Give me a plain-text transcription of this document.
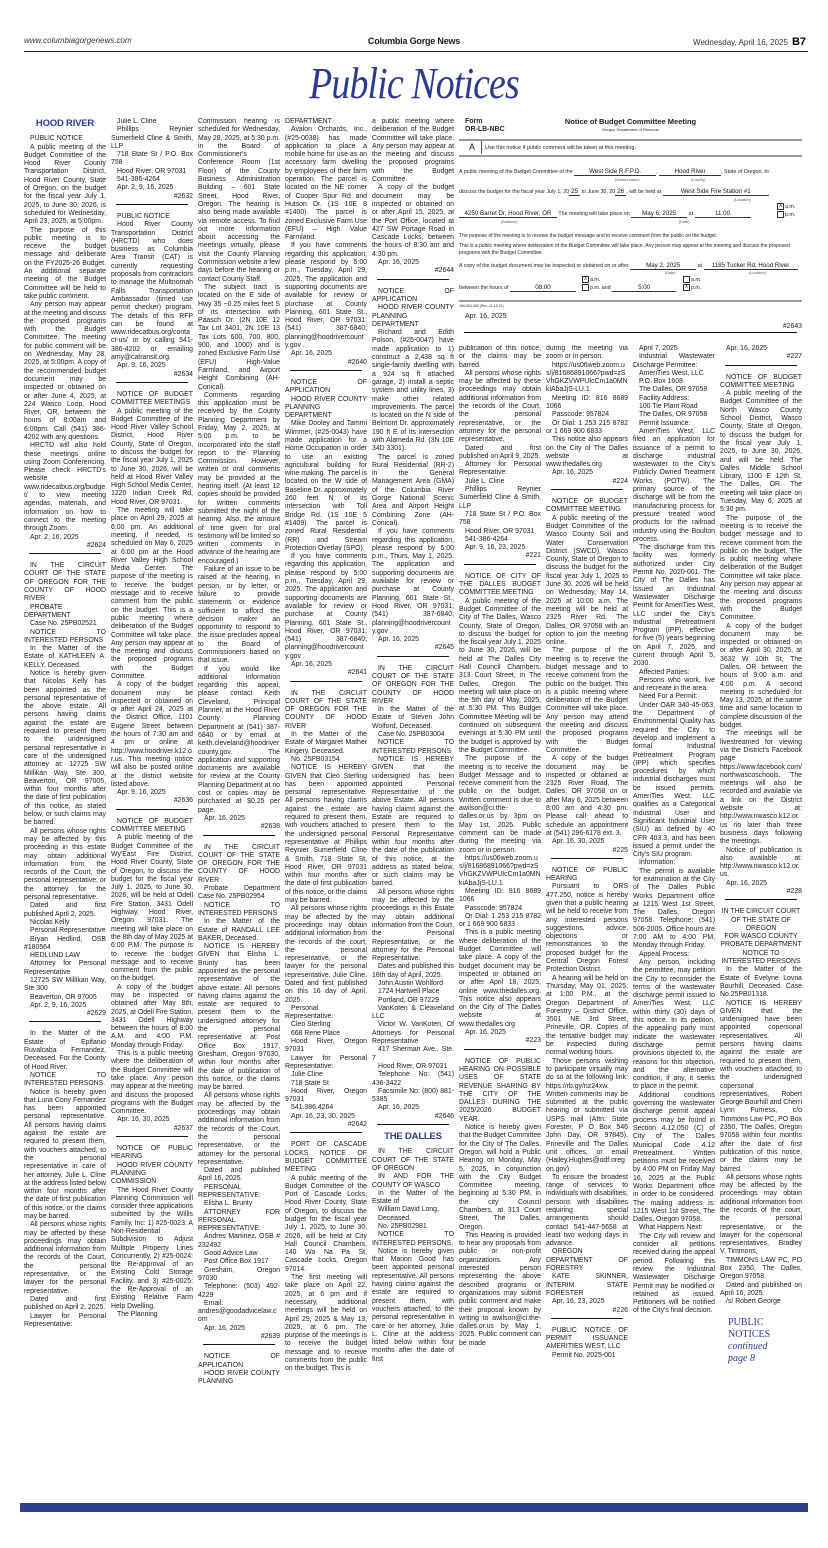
www.columbiagorgenews.com	Columbia Gorge News	Wednesday, April 16, 2025 B7
Public Notices
Form
OR-LB-NBC
Notice of Budget Committee Meeting
Oregon Department of Revenue
A Use this notice if public comment will be taken at this meeting.
A public meeting of the Budget Committee of the	West Side R.F.P.D.	,	Hood River	, State of Oregon, to
(District name)	(County)
discuss the budget for the fiscal year July 1, 20 25 to June 30, 20 26 , will be held at	West Side Fire Station #1
(Location)
4250 Barret Dr, Hood River, OR The meeting will take place on May 6, 2025 at	11:00
X a.m.
p.m.
(Address)	(Date)
The purpose of the meeting is to receive the budget message and to receive comment from the public on the budget.
This is a public meeting where deliberation of the Budget Committee will take place. Any person may appear at the meeting and discuss the proposed programs with the Budget Committee.
A copy of the budget document may be inspected or obtained on or after	May 2, 2025	at 1185 Tucker Rd, Hood River ,
(Date)	(Location)
between the hours of	08:00
X a.m.
p.m. and	5:00
a.m.
X p.m.
150-504-063 (Rev. 11-19-21)
Apr. 16, 2025
#2643
HOOD RIVER
PUBLIC NOTICE
A public meeting of the Budget Committee of the Hood River County Transportation District, Hood River County, State of Oregon, on the budget for the fiscal year July 1, 2025, to June 30, 2026, is scheduled for Wednesday, April 23, 2025, at 5:00pm.
The purpose of this public meeting is to receive the budget message and deliberate on the FY2025-26 Budget. An additional separate meeting of the Budget Committee will be held to take public comment.
Any person may appear at the meeting and discuss the proposed programs with the Budget Committee. The meeting for public comment will be on Wednesday, May 28, 2025, at 5:00pm. A copy of the recommended budget document may be inspected or obtained on or after June 4, 2025, at 224 Wasco Loop, Hood River, OR, between the hours of 8:00am and 6:00pm. Call (541) 386-4202 with any questions.
HRCTD will also hold these meetings online using Zoom Conferencing. Please check HRCTD's website www.ridecatbus.org/budget/ to view meeting agendas, materials, and information on how to connect to the meeting through Zoom.
Apr. 2, 16, 2025
#2624
IN THE CIRCUIT COURT OF THE STATE OF OREGON FOR THE COUNTY OF HOOD RIVER
PROBATE DEPARTMENT
Case No. 25PB02521
NOTICE TO INTERESTED PERSONS
In the Matter of the Estate of KATHLEEN A. KELLY, Deceased.
Notice is hereby given that Nicolas Kelly has been appointed as the personal representative of the above estate. All persons having claims against the estate are required to present them to the undersigned personal representative in care of the undersigned attorney at: 12725 SW Millikan Way, Ste 300, Beaverton, OR 97005, within four months after the date of first publication of this notice, as stated below, or such claims may be barred.
All persons whose rights may be affected by this proceeding in this estate may obtain additional information from the records of the Court, the personal representative, or the attorney for the personal representative.
Dated and first published April 2, 2025.
Nicolas Kelly
Personal Representative
Bryan Hedlind, OSB #180564
HEDLUND LAW
Attorney for Personal Representative
12725 SW Millikan Way, Ste 300
Beaverton, OR 97005
Apr. 2, 9, 16, 2025
#2629
In the Matter of the Estate of Epifanio Ruvalcaba Fernandez, Deceased. For the County of Hood River.
NOTICE TO INTERESTED PERSONS.
Notice is hereby given that Luna Cony Fernandez has been appointed personal representative. All persons having claims against the estate are required to present them, with vouchers attached, to the personal representative in care of her attorney, Julie L. Cline at the address listed below within four months after the date of first publication of this notice, or the claims may be barred.
All persons whose rights may be affected by these proceedings may obtain additional information from the records of the Court, the personal representative, or the lawyer for the personal representative.
Dated and first published on April 2, 2025.
Lawyer for Personal Representative:
Julie L. Cline
Phillips Reynier Sumerfield Cline & Smith, LLP
718 State St / P.O. Box 758
Hood River, OR 97031
541-386-4264
Apr. 2, 9, 16, 2025
#2632
PUBLIC NOTICE
Hood River County Transportation District (HRCTD) who does business as Columbia Area Transit (CAT) is currently requesting proposals from contractors to manage the Multnomah Falls Transportation Ambassador (timed use permit checker) program. The details of this RFP can be found at www.ridecatbus.org/contact-us/ or by calling 541-386-4202 or emailing amy@catransit.org.
Apr. 9, 16, 2025
#2634
NOTICE OF BUDGET COMMITTEE MEETINGS
A public meeting of the Budget Committee of the Hood River Valley School District, Hood River County, State of Oregon, to discuss the budget for the fiscal year July 1, 2025 to June 30, 2026, will be held at Hood River Valley High School Media Center, 1220 Indian Creek Rd, Hood River, OR 97031.
The meeting will take place on April 29, 2025 at 6:00 pm. An additional meeting, if needed, is scheduled on May 6, 2025 at 6:00 pm at the Hood River Valley High School Media Center. The purpose of the meeting is to receive the budget message and to receive comment from the public on the budget. This is a public meeting where deliberation of the Budget Committee will take place. Any person may appear at the meeting and discuss the proposed programs with the Budget Committee.
A copy of the budget document may be inspected or obtained on or after April 24, 2025 at the District Office, 1101 Eugene Street between the hours of 7:30 am and 4 pm or online at http://www.hoodriver.k12.or.us. This meeting notice will also be posted online at the district website listed above.
Apr. 9, 16, 2025
#2636
NOTICE OF BUDGET COMMITTEE MEETING
A public meeting of the Budget Committee of the Wy'East Fire District, Hood River County, State of Oregon, to discuss the budget for the fiscal year July 1, 2025, to June 30, 2026, will be held at Odell Fire Station, 3431 Odell Highway, Hood River, Oregon 97031. The meeting will take place on the 8th day of May 2025 at 6:00 P.M. The purpose is to receive the budget message and to receive comment from the public on the budget.
A copy of the budget may be inspected or obtained after May 8th, 2025, at Odell Fire Station, 3431 Odell Highway between the hours of 8:00 A.M. and 4:00 P.M. Monday through Friday.
This is a public meeting where the deliberation of the Budget Committee will take place. Any person may appear at the meeting and discuss the proposed programs with the Budget Committee.
Apr. 16, 30, 2025
#2637
NOTICE OF PUBLIC HEARING
HOOD RIVER COUNTY PLANNING COMMISSION
The Hood River County Planning Commission will consider three applications submitted by the Willis Family, Inc: 1) #25-0023: A Non-Residential Subdivision to Adjust Multiple Property Lines Concurrently, 2) #25-0024: the Re-approval of an Existing Cold Storage Facility, and 3) #25-0025: the Re-Approval of an Existing Relative Farm Help Dwelling.
The Planning
Commission hearing is scheduled for Wednesday, May 28, 2025, at 5:30 p.m. in the Board of Commissioner's Conference Room (1st Floor) of the County Business Administration Building – 601 State Street, Hood River, Oregon. The hearing is also being made available via remote access. To find out more information about accessing the meetings virtually, please visit the County Planning Commission website a few days before the hearing or contact County Staff.
The subject tract is located on the E side of Hwy 35 ~0.25 miles feet S of its intersection with Paasch Dr. (2N 10E 12 Tax Lot 3401, 2N 10E 13 Tax Lots 600, 700, 800, 900, and 1000) and is zoned Exclusive Farm Use (EFU) High-Value Farmland, and Airport Height Combining (AH-Conical).
Comments regarding this application must be received by the County Planning Department by Friday, May 2, 2025, at 5:00 p.m. to be incorporated into the staff report to the Planning Commission. However, written or oral comments may be provided at the hearing itself. (At least 12 copies should be provided for written comments submitted the night of the hearing. Also, the amount of time given for oral testimony will be limited so written comments in advance of the hearing are encouraged.)
Failure of an issue to be raised at the hearing, in person, or by letter, or failure to provide statements or evidence sufficient to afford the decision maker an opportunity to respond to the issue precludes appeal to the Board of Commissioners based on that issue.
If you would like additional information regarding this appeal, please contact Keith Cleveland, Principal Planner, at the Hood River County Planning Department at (541) 387-6840 or by email at keith.cleveland@hoodrivercounty.gov. The application and supporting documents are available for review at the County Planning Department at no cost or copies may be purchased at $0.25 per page.
Apr. 16, 2025
#2638
IN THE CIRCUIT COURT OF THE STATE OF OREGON FOR THE COUNTY OF HOOD RIVER
Probate Department Case No. 25PB02954
NOTICE TO INTERESTED PERSONS
In the Matter of the Estate of RANDALL LEE BAKER, Deceased.
NOTICE IS HEREBY GIVEN that Elisha L. Brunty has been appointed as the personal representative of the above estate. All persons having claims against the estate are required to present them to the undersigned attorney for the personal representative at: Post Office Box 1917, Gresham, Oregon 97030, within four months after the date of publication of this notice, or the claims may be barred.
All persons whose rights may be affected by the proceedings may obtain additional information from the records of the Court, the personal representative, or the attorney for the personal representative.
Dated and published April 16, 2025.
PERSONAL REPRESENTATIVE:
Elisha L. Brunty
ATTORNEY FOR PERSONAL REPRESENTATIVE:
Andres Martinez, OSB # 232492
Good Advice Law
Post Office Box 1917
Gresham, Oregon 97030
Telephone: (503) 492-4229
Email: andres@goodadvicelaw.com
Apr. 16, 2025
#2639
NOTICE OF APPLICATION
HOOD RIVER COUNTY PLANNING
DEPARTMENT
Avalon Orchards, Inc., (#25-0038) has made application to place a mobile home for use as an accessory farm dwelling by employees of their farm operation. The parcel is located on the NE corner of Cooper Spur Rd and Hutson Dr. (1S 10E 8 #1400). The parcel is zoned Exclusive Farm Use (EFU) – High Value Farmland.
If you have comments regarding this application, please respond by 5:00 p.m., Tuesday, April 29, 2025. The application and supporting documents are available for review or purchase at County Planning, 601 State St., Hood River, OR 97031; (541) 387-6840; planning@hoodrivercounty.gov .
Apr. 16, 2025
#2640
NOTICE OF APPLICATION
HOOD RIVER COUNTY PLANNING DEPARTMENT
Mike Dooley and Tammi Wimmer, (#25-0043) have made application for a Home Occupation in order to use an existing agricultural building for wine making. The parcel is located on the W side of Baseline Dr. approximately 260 feet N of its intersection with Toll Bridge Rd. (1S 10E 5 #1409). The parcel is zoned Rural Residential (RR) and Stream Protection Overlay (SPO).
If you have comments regarding this application, please respond by 5:00 p.m., Tuesday, April 29, 2025. The application and supporting documents are available for review or purchase at County Planning, 601 State St., Hood River, OR 97031; (541) 387-6840; planning@hoodrivercounty.gov .
Apr. 16, 2025
#2641
IN THE CIRCUIT COURT OF THE STATE OF OREGON FOR THE COUNTY OF HOOD RIVER
In the Matter of the Estate of Margaret Mather Kingery, Deceased.
No. 25PB03154
NOTICE IS HEREBY GIVEN that Cleo Sterling has been appointed personal representative. All persons having claims against the estate are required to present them, with vouchers attached to the undersigned personal representative at Phillips Reynier Sumerfield Cline & Smith, 718 State St, Hood River, OR 97031 within four months after the date of first publication of this notice, or the claims may be barred.
All persons whose rights may be affected by the proceedings may obtain additional information from the records of the court, the personal representative, or the lawyer for the personal representative, Julie Cline. Dated and first published on this 16 day of April, 2025.
Personal Representative:
Cleo Sterling
668 Rene Place
Hood River, Oregon 97031
Lawyer for Personal Representative:
Julie Cline
718 State St
Hood River, Oregon 97031
541.386.4264
Apr. 16, 23, 30, 2025
#2642
PORT OF CASCADE LOCKS NOTICE OF BUDGET COMMITTEE MEETING
A public meeting of the Budget Committee of the Port of Cascade Locks, Hood River County, State of Oregon, to discuss the budget for the fiscal year July 1, 2025, to June 30, 2026, will be held at City Hall Council Chambers, 140 Wa Na Pa St, Cascade Locks, Oregon 97014.
The first meeting will take place on April 22, 2025, at 6 pm and if necessary, additional meetings will be held on April 29, 2025 & May 13, 2025, at 6 pm. The purpose of the meetings is to receive the budget message and to receive comments from the public on the budget. This is
a public meeting where deliberation of the Budget Committee will take place. Any person may appear at the meeting and discuss the proposed programs with the Budget Committee.
A copy of the budget document may be inspected or obtained on or after April 15, 2025, at the Port Office, located at 427 SW Portage Road in Cascade Locks, between the hours of 8:30 am and 4:30 pm.
Apr. 16, 2025
#2644
NOTICE OF APPLICATION
HOOD RIVER COUNTY PLANNING DEPARTMENT
Richard and Edith Polson, (#25-0047) have made application to 1) construct a 2,438 sq ft single-family dwelling with a 924 sq ft attached garage, 2) install a septic system and utility lines, 3) make other related improvements. The parcel is located on the N side of Belmont Dr. approximately 190 ft E of its intersection with Alameda Rd. (3N 10E 34D 3301).
The parcel is zoned Rural Residential (RR-2) in the General Management Area (GMA) of the Columbia River Gorge National Scenic Area and Airport Height Combining Zone (AH-Conical).
If you have comments regarding this application, please respond by 5:00 p.m., Thurs, May 1, 2025. The application and supporting documents are available for review or purchase at County Planning, 601 State St., Hood River, OR 97031; (541) 387-6840; planning@hoodrivercounty.gov .
Apr. 16, 2025
#2645
IN THE CIRCUIT COURT OF THE STATE OF OREGON FOR THE COUNTY OF HOOD RIVER
In the Matter of the Estate of Steven John Wolford, Deceased.
Case No. 25PB03004
NOTICE TO INTERESTED PERSONS
NOTICE IS HEREBY GIVEN that the undersigned has been appointed Personal Representative of the above Estate. All persons having claims against the Estate are required to present them to the Personal Representative within four months after the date of the publication of this notice, at the address as stated below, or such claims may be barred.
All persons whose rights may be affected by the proceedings in this Estate may obtain additional information from the Court, the Personal Representative, or the attorney for the Personal Representative.
Dates and published this 16th day of April, 2025.
John Austin Wohlford
1724 Hartwell Place
Portland, OR 97229
VanKoten & Cleaveland LLC
Victor W. VanKoten, Of Attorneys for Personal Representative
417 Sherman Ave., Ste. 7
Hood River, OR 97031
Telephone No: (541) 436-3422
Facsimile No: (800) 881-5385
Apr. 16, 2025
#2646
THE DALLES
IN THE CIRCUIT COURT OF THE STATE OF OREGON
IN AND FOR THE COUNTY OF WASCO
In the Matter of the Estate of
William David Long,
Deceased.
No. 25PB02981
NOTICE TO INTERESTED PERSONS.
Notice is hereby given that Marion Good has been appointed personal representative. All persons having claims against the estate are required to present them, with vouchers attached, to the personal representative in care or her attorney, Julie L. Cline at the address listed below within four months after the date of first
publication of this notice, or the claims may be barred.
All persons whose rights may be affected by these proceedings may obtain additional information from the records of the Court, the personal representative, or the attorney for the personal representative.
Dated and first published on April 9, 2025.
Attorney for Personal Representative:
Julie L. Cline
Phillips Reynier Sumerfield Cline & Smith, LLP
718 State St / P.O. Box 758
Hood River, OR 97031
541-386-4264
Apr. 9, 16, 23, 2025
#221
NOTICE OF CITY OF THE DALLES BUDGET COMMITTEE MEETING
A public meeting of the Budget Committee of the City of The Dalles, Wasco County, State of Oregon, to discuss the budget for the fiscal year July 1, 2025 to June 30, 2026, will be held at The Dalles City Hall Council Chambers, 313 Court Street, in The Dalles, Oregon. The meeting will take place on the 5th day of May, 2025, at 5:30 PM. This Budget Committee Meeting will be continued on subsequent evenings at 5:30 PM until the budget is approved by the Budget Committee.
The purpose of the meeting is to receive the Budget Message and to receive comment from the public on the budget. Written comment is due to awilson@ci.the-dalles.or.us by 3pm on May 1st, 2025. Public comment can be made during the meeting via zoom or in person.
https://us06web.zoom.us/j/81686891066?pwd=zSVhGKZVWPUIcCm1a0MNkiAbaJjS-LU.1
Meeting ID: 816 8689 1066
Passcode: 957824
Or Dial: 1 253 215 8782 or 1 669 900 6833
This is a public meeting where deliberation of the Budget Committee will take place. A copy of the budget document may be inspected or obtained on or after April 18, 2025, online www.thedalles.org. This notice also appears on the City of The Dalles website at www.thedalles.org
Apr. 16, 2025
#223
NOTICE OF PUBLIC HEARING ON POSSIBLE USES OF STATE REVENUE SHARING BY THE CITY OF THE DALLES DURING THE 2025/2026 BUDGET YEAR.
Notice is hereby given that the Budget Committee for the City of The Dalles, Oregon, will hold a Public Hearing on Monday, May 5, 2025, in conjunction with the City Budget Committee meeting, beginning at 5:30 PM, in the city Council Chambers, at 313 Court Street, The Dalles, Oregon.
This Hearing is provided to hear any proposals from public or non-profit organizations. Any interested person representing the above described programs or organizations may submit public comment and make their proposal known by writing to awilson@ci.the-dalles.or.us by May 1, 2025. Public comment can be made
during the meeting via zoom or in person.
https://us06web.zoom.us/j/81686891066?pwd=zSVhGKZVWPUIcCm1a0MNkiAbaJjS-LU.1
Meeting ID: 816 8689 1066
Passcode: 957824
Or Dial: 1 253 215 8782 or 1 669 900 6833
This notice also appears on the City of The Dalles website at www.thedalles.org
Apr. 16, 2025
#224
NOTICE OF BUDGET COMMITTEE MEETING
A public meeting of the Budget Committee of the Wasco County Soil and Water Conservation District (SWCD), Wasco County, State of Oregon to discuss the budget for the fiscal year July 1, 2025 to June 30, 2026 will be held on Wednesday, May 14, 2025 at 10:00 a.m. The meeting will be held at 2325 River Rd, The Dalles, OR 97058 with an option to join the meeting online.
The purpose of the meeting is to receive the budget message and to receive comment from the public on the budget. This is a public meeting where deliberation of the Budget Committee will take place. Any person may attend the meeting and discuss the proposed programs with the Budget Committee.
A copy of the budget document may be inspected or obtained at 2325 River Road, The Dalles, OR 97058 on or after May 6, 2025 between 8:00 am and 4:30 pm. Please call ahead to schedule an appointment at (541) 296-6178 ext. 3.
Apr. 16, 30, 2025
#225
NOTICE OF PUBLIC HEARING
Pursuant to ORS 477.250, notice is hereby given that a public hearing will be held to receive from any interested persons suggestions, advice, objections or remonstrances to the proposed budget for the Central Oregon Forest Protection District.
A hearing will be held on Thursday, May 01, 2025, at 1:00 P.M., at the Oregon Department of Forestry – District Office, 3501 NE 3rd Street, Prineville, OR. Copies of the tentative budget may be inspected during normal working hours.
Those persons wishing to participate virtually may do so at the following link: https://rb.gy/nz24xw. Written comments may be submitted at the public hearing or submitted via USPS mail (Attn: State Forester, P O Box 546 John Day, OR 97845), Prineville and The Dalles unit offices, or email (Hailey.Hughes@odf.oregon.gov).
To ensure the broadest range of services to individuals with disabilities, persons with disabilities requiring special arrangements should contact 541-447-5658 at least two working days in advance.
OREGON DEPARTMENT OF FORESTRY
KATE SKINNER, INTERIM STATE FORESTER
Apr. 16, 23, 2025
#226
PUBLIC NOTICE OF PERMIT ISSUANCE AMERITIES WEST, LLC
Permit No. 2025-001
April 7, 2025
Industrial Wastewater Discharge Permittee:
AmeriTies West, LLC
P.O. Box 1608
The Dalles, OR 97058
Facility Address:
100 Tie Plant Road
The Dalles, OR 97058
Permit Issuance:
AmeriTies West, LLC filed an application for issuance of a permit to discharge industrial wastewater to the City's Publicly Owned Treatment Works (POTW). The primary source of the discharge will be from the manufacturing process for pressure treated wood products for the railroad industry using the Boulton process.
The discharge from this facility was formerly authorized under City Permit No. 2020-001. The City of The Dalles has issued an Industrial Wastewater Discharge Permit for AmeriTies West, LLC under the City's Industrial Pretreatment Program (IPP), effective for five (5) years beginning on April 7, 2025, and current through April 5, 2030.
Affected Parties:
Persons who work, live and recreate in the area.
Need For a Permit:
Under OAR 340-45-063, the Department of Environmental Quality has required the City to develop and implement a formal Industrial Pretreatment Program (IPP) which specifies procedures by which industrial discharges must be issued permits. AmeriTies West, LLC qualifies as a Categorical Industrial User and Significant Industrial User (SIU) as defined by 40 CFR 403.3, and has been issued a permit under the City's SIU program.
Information:
The permit is available for examination at the City of The Dalles Public Works Department office at 1215 West 1st Street, The Dalles, Oregon 97058. Telephone: (541) 506-2005. Office hours are 7:00 AM to 4:00 PM, Monday through Friday.
Appeal Process:
Any person, including the permittee, may petition the City to reconsider the terms of the wastewater discharge permit issued to AmeriTies West, LLC within thirty (30) days of this notice. In its petition, the appealing party must indicate the wastewater discharge permit provisions objected to, the reasons for this objection, and the alternative condition, if any, it seeks to place in the permit.
Additional conditions governing the wastewater discharge permit appeal process may be found in Section 4.12.050 (C) of City of The Dalles Municipal Code 4.12 Pretreatment. Written petitions must be received by 4:00 PM on Friday May 16, 2025 at the Public Works Department office in order to be considered. The mailing address is: 1215 West 1st Street, The Dalles, Oregon 97058.
What Happens Next:
The City will review and consider all petitions received during the appeal period. Following this review the Industrial Wastewater Discharge Permit may be modified or retained as issued. Petitioners will be notified of the City's final decision.
Apr. 16, 2025
#227
NOTICE OF BUDGET COMMITTEE MEETING
A public meeting of the Budget Committee of the North Wasco County School District, Wasco County, State of Oregon, to discuss the budget for the fiscal year July 1, 2025, to June 30, 2026, and will be held The Dalles Middle School Library, 1100 E 12th St, The Dalles, OR. The meeting will take place on Tuesday, May 6, 2025 at 5:30 pm.
The purpose of the meeting is to receive the budget message and to receive comment from the public on the budget. The is public meeting where deliberation of the Budget Committee will take place. Any person may appear at the meeting and discuss the proposed programs with the Budget Committee.
A copy of the budget document may be inspected or obtained on or after April 30, 2025, at 3632 W 10th St, The Dalles, OR between the hours of 9:00 a.m. and 4:00 p.m. A second meeting is scheduled for May 13, 2025, at the same time and same location to complete discussion of the budget.
The meetings will be livestreamed for viewing via the District's Facebook page https://www.facebook.com/northwascoschools. The meetings will also be recorded and available via a link on the District website at: http://www.nwasco.k12.or.us no later than three business days following the meetings.
Notice of publication is also available at: http://www.nwasco.k12.or.us.
Apr. 16, 2025
#228
IN THE CIRCUIT COURT OF THE STATE OF OREGON
FOR WASCO COUNTY
PROBATE DEPARTMENT
NOTICE TO INTERESTED PERSONS
In the Matter of the Estate of Evelyne Lovna Bourhill, Deceased. Case No.25PB01318.
NOTICE IS HEREBY GIVEN that the undersigned have been appointed copersonal representatives. All persons having claims against the estate are required to present them, with vouchers attached, to the undersigned copersonal representatives, Robert George Bourhill and Cherri Lynn Furness, c/o Timmons Law PC, PO Box 2350, The Dalles, Oregon 97058 within four months after the date of first publication of this notice, or the claims may be barred.
All persons whose rights may be affected by the proceedings may obtain additional information from the records of the court, the personal representative, or the lawyer for the copersonal representatives, Bradley V. Timmons,
TIMMONS LAW PC, PO Box 2350, The Dalles, Oregon 97058.
Dated and published on April 16, 2025.
/s/ Robert George
PUBLIC
NOTICES
continued
page 8
